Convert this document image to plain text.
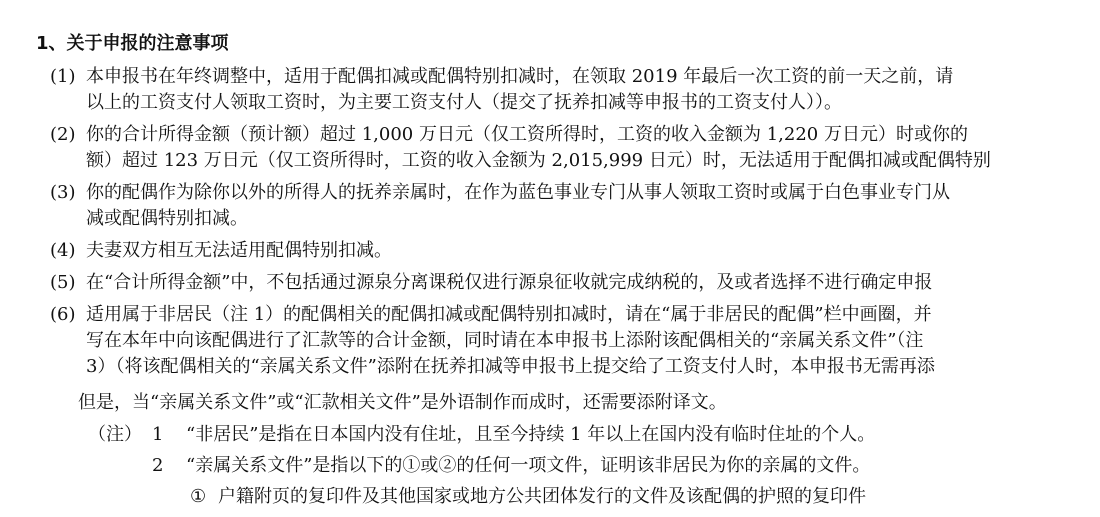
1、关于申报的注意事项
(1) 本申报书在年终调整中，适用于配偶扣减或配偶特别扣减时，在领取 2019 年最后一次工资的前一天之前，请
以上的工资支付人领取工资时，为主要工资支付人（提交了抚养扣减等申报书的工资支付人））。
(2) 你的合计所得金额（预计额）超过 1,000 万日元（仅工资所得时，工资的收入金额为 1,220 万日元）时或你的
额）超过 123 万日元（仅工资所得时，工资的收入金额为 2,015,999 日元）时，无法适用于配偶扣减或配偶特别
(3) 你的配偶作为除你以外的所得人的抚养亲属时，在作为蓝色事业专门从事人领取工资时或属于白色事业专门从
减或配偶特别扣减。
(4) 夫妻双方相互无法适用配偶特别扣减。
(5) 在“合计所得金额”中，不包括通过源泉分离课税仅进行源泉征收就完成纳税的，及或者选择不进行确定申报
(6) 适用属于非居民（注 1）的配偶相关的配偶扣减或配偶特别扣减时，请在“属于非居民的配偶”栏中画圈，并
写在本年中向该配偶进行了汇款等的合计金额，同时请在本申报书上添附该配偶相关的“亲属关系文件”（注
3）（将该配偶相关的“亲属关系文件”添附在抚养扣减等申报书上提交给了工资支付人时，本申报书无需再添
但是，当“亲属关系文件”或“汇款相关文件”是外语制作而成时，还需要添附译文。
（注） 1 “非居民”是指在日本国内没有住址，且至今持续 1 年以上在国内没有临时住址的个人。
2 “亲属关系文件”是指以下的①或②的任何一项文件，证明该非居民为你的亲属的文件。
① 户籍附页的复印件及其他国家或地方公共团体发行的文件及该配偶的护照的复印件
